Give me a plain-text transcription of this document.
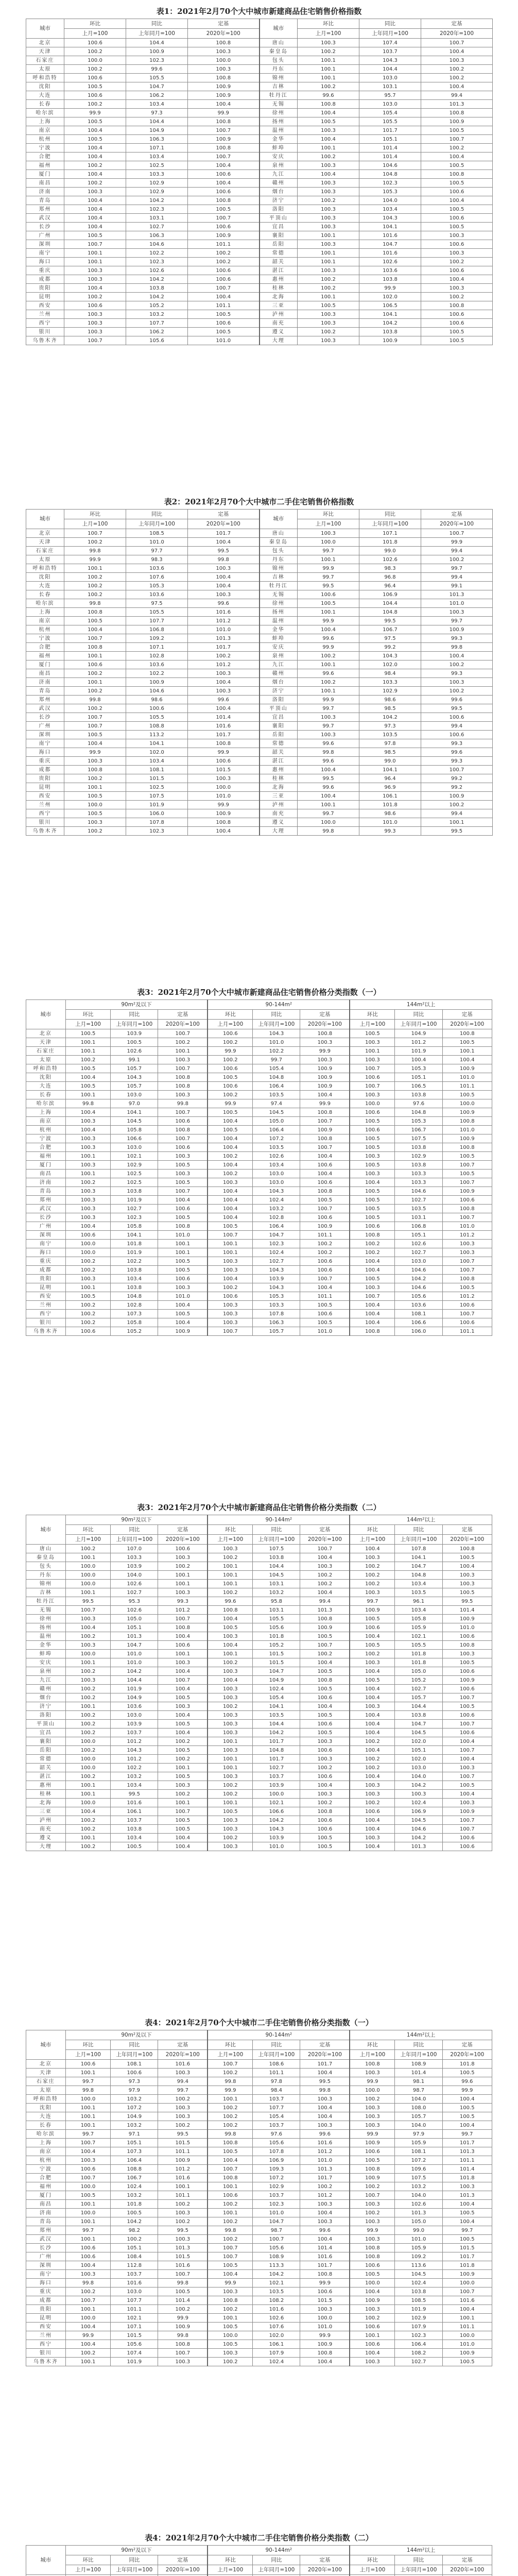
表1：2021年2月70个大中城市新建商品住宅销售价格指数
城市	环比	同比	定基	城市	环比	同比	定基
	上月=100	上年同月=100	2020年=100		上月=100	上年同月=100	2020年=100
北京	100.6	104.4	100.8	唐山	100.3	107.4	100.7
天津	100.2	100.9	100.3	秦皇岛	100.2	103.7	100.4
石家庄	100.0	102.3	100.0	包头	100.1	104.3	100.3
太原	100.2	99.6	100.3	丹东	100.1	104.4	100.2
呼和浩特	100.6	105.5	100.8	锦州	100.1	103.0	100.2
沈阳	100.5	104.7	100.9	吉林	100.2	103.1	100.4
大连	100.6	106.2	100.9	牡丹江	99.6	95.7	99.4
长春	100.2	103.4	100.4	无锡	100.8	103.0	101.3
哈尔滨	99.9	97.3	99.9	徐州	100.4	105.4	100.8
上海	100.5	104.4	100.8	扬州	100.5	105.5	100.9
南京	100.4	104.9	100.7	温州	100.3	101.7	100.5
杭州	100.5	106.3	100.9	金华	100.4	105.1	100.7
宁波	100.4	107.1	100.8	蚌埠	100.1	101.4	100.2
合肥	100.4	103.4	100.7	安庆	100.2	101.4	100.4
福州	100.2	102.5	100.4	泉州	100.3	104.6	100.5
厦门	100.4	103.3	100.6	九江	100.4	104.8	100.8
南昌	100.2	102.9	100.4	赣州	100.3	102.3	100.5
济南	100.3	102.9	100.6	烟台	100.3	105.3	100.6
青岛	100.4	104.2	100.8	济宁	100.2	104.0	100.4
郑州	100.4	102.3	100.5	洛阳	100.3	103.4	100.5
武汉	100.4	103.1	100.7	平顶山	100.3	104.3	100.6
长沙	100.4	102.7	100.6	宜昌	100.3	104.1	100.5
广州	100.5	106.3	100.9	襄阳	100.1	101.6	100.3
深圳	100.7	104.6	101.1	岳阳	100.3	104.7	100.6
南宁	100.1	102.2	100.2	常德	100.1	101.6	100.3
海口	100.1	102.3	100.2	韶关	100.1	102.6	100.2
重庆	100.3	102.6	100.6	湛江	100.3	103.6	100.6
成都	100.3	104.2	100.6	惠州	100.2	103.8	100.4
贵阳	100.4	103.8	100.7	桂林	100.2	99.9	100.3
昆明	100.2	104.2	100.4	北海	100.1	102.0	100.2
西安	100.6	105.2	101.1	三亚	100.5	106.5	100.8
兰州	100.3	103.2	100.5	泸州	100.3	104.1	100.6
西宁	100.3	107.7	100.6	南充	100.3	104.2	100.6
银川	100.3	106.2	100.5	遵义	100.2	103.8	100.5
乌鲁木齐	100.7	105.6	101.0	大理	100.3	100.9	100.5
表2：2021年2月70个大中城市二手住宅销售价格指数
城市	环比	同比	定基	城市	环比	同比	定基
	上月=100	上年同月=100	2020年=100		上月=100	上年同月=100	2020年=100
北京	100.7	108.5	101.7	唐山	100.3	107.1	100.7
天津	100.2	101.0	100.4	秦皇岛	100.0	101.8	99.9
石家庄	99.8	97.7	99.5	包头	99.7	99.0	99.4
太原	99.9	98.3	99.8	丹东	100.1	102.6	100.2
呼和浩特	100.1	103.6	100.3	锦州	99.9	98.3	99.7
沈阳	100.2	107.6	100.4	吉林	99.7	96.8	99.4
大连	100.2	105.3	100.4	牡丹江	99.5	96.4	99.1
长春	100.2	103.6	100.3	无锡	100.6	106.9	101.3
哈尔滨	99.8	97.5	99.6	徐州	100.5	104.4	101.0
上海	100.8	105.5	101.6	扬州	100.1	104.8	100.3
南京	100.5	107.7	101.2	温州	99.9	99.5	99.7
杭州	100.4	106.8	101.0	金华	100.4	106.7	100.9
宁波	100.7	109.2	101.3	蚌埠	99.6	97.5	99.3
合肥	100.8	107.1	101.7	安庆	99.9	99.2	99.8
福州	100.1	102.8	100.2	泉州	100.2	104.3	100.4
厦门	100.6	103.6	101.2	九江	100.1	102.0	100.2
南昌	100.2	102.2	100.3	赣州	99.6	98.4	99.3
济南	100.1	100.9	100.4	烟台	100.2	103.3	100.3
青岛	100.2	104.6	100.3	济宁	100.1	102.9	100.2
郑州	99.8	98.6	99.6	洛阳	99.9	98.6	99.6
武汉	100.2	100.6	100.4	平顶山	99.7	98.5	99.5
长沙	100.7	105.5	101.4	宜昌	100.3	104.2	100.6
广州	100.7	108.8	101.6	襄阳	99.7	97.3	99.4
深圳	100.5	113.2	101.7	岳阳	100.3	103.5	100.6
南宁	100.4	104.1	100.8	常德	99.6	97.8	99.3
海口	99.9	102.0	99.9	韶关	99.8	98.5	99.6
重庆	100.3	103.4	100.6	湛江	99.6	99.0	99.3
成都	100.8	108.1	101.5	惠州	100.4	104.1	100.7
贵阳	100.2	101.5	100.3	桂林	99.5	96.4	99.2
昆明	100.1	102.5	100.0	北海	99.6	96.9	99.2
西安	100.5	107.5	101.0	三亚	100.4	106.1	100.9
兰州	100.0	101.9	99.9	泸州	100.1	101.8	100.2
西宁	100.5	106.0	100.9	南充	99.7	98.6	99.4
银川	100.3	107.8	100.8	遵义	100.0	101.0	100.1
乌鲁木齐	100.2	102.3	100.4	大理	99.8	99.3	99.5
表3：2021年2月70个大中城市新建商品住宅销售价格分类指数（一）
城市	90m²及以下			90-144m²			144m²以上		
	环比	同比	定基	环比	同比	定基	环比	同比	定基
	上月=100	上年同月=100	2020年=100	上月=100	上年同月=100	2020年=100	上月=100	上年同月=100	2020年=100
北京	100.5	103.9	100.7	100.6	104.3	100.8	100.5	104.9	100.8
天津	100.1	100.5	100.2	100.2	101.0	100.3	100.3	101.2	100.5
石家庄	100.1	102.6	100.1	99.9	102.2	99.9	100.1	101.9	100.1
太原	100.2	99.1	100.3	100.2	99.7	100.3	100.3	100.4	100.4
呼和浩特	100.5	105.7	100.7	100.6	105.4	100.9	100.7	105.3	100.9
沈阳	100.4	104.3	100.8	100.5	104.8	100.9	100.6	105.1	101.0
大连	100.5	105.7	100.8	100.6	106.4	100.9	100.7	106.5	101.1
长春	100.1	103.0	100.3	100.2	103.5	100.4	100.3	103.8	100.5
哈尔滨	99.8	97.0	99.8	99.9	97.4	99.9	100.0	97.6	100.0
上海	100.4	104.1	100.7	100.5	104.5	100.8	100.6	104.8	100.9
南京	100.3	104.5	100.6	100.4	105.0	100.7	100.5	105.3	100.8
杭州	100.4	105.8	100.8	100.5	106.4	100.9	100.6	106.7	101.0
宁波	100.3	106.6	100.7	100.4	107.2	100.8	100.5	107.5	100.9
合肥	100.3	103.0	100.6	100.4	103.5	100.7	100.5	103.8	100.8
福州	100.1	102.1	100.3	100.2	102.6	100.4	100.3	102.9	100.5
厦门	100.3	102.9	100.5	100.4	103.4	100.6	100.5	103.8	100.7
南昌	100.1	102.5	100.3	100.2	103.0	100.4	100.3	103.3	100.5
济南	100.2	102.5	100.5	100.3	103.0	100.6	100.4	103.3	100.7
青岛	100.3	103.8	100.7	100.4	104.3	100.8	100.5	104.6	100.9
郑州	100.3	101.9	100.4	100.4	102.4	100.5	100.5	102.7	100.6
武汉	100.3	102.7	100.6	100.4	103.2	100.7	100.5	103.5	100.8
长沙	100.3	102.3	100.5	100.4	102.8	100.6	100.5	103.1	100.7
广州	100.4	105.8	100.8	100.5	106.4	100.9	100.6	106.8	101.0
深圳	100.6	104.1	101.0	100.7	104.7	101.1	100.8	105.1	101.2
南宁	100.0	101.8	100.1	100.1	102.3	100.2	100.2	102.6	100.3
海口	100.0	101.9	100.1	100.1	102.4	100.2	100.2	102.7	100.3
重庆	100.2	102.2	100.5	100.3	102.7	100.6	100.4	103.0	100.7
成都	100.2	103.8	100.5	100.3	104.3	100.6	100.4	104.6	100.7
贵阳	100.3	103.4	100.6	100.4	103.9	100.7	100.5	104.2	100.8
昆明	100.1	103.8	100.3	100.2	104.3	100.4	100.3	104.6	100.5
西安	100.5	104.8	101.0	100.6	105.3	101.1	100.7	105.6	101.2
兰州	100.2	102.8	100.4	100.3	103.3	100.5	100.4	103.6	100.6
西宁	100.2	107.3	100.5	100.3	107.8	100.6	100.4	108.1	100.7
银川	100.2	105.8	100.4	100.3	106.3	100.5	100.4	106.6	100.6
乌鲁木齐	100.6	105.2	100.9	100.7	105.7	101.0	100.8	106.0	101.1
表3：2021年2月70个大中城市新建商品住宅销售价格分类指数（二）
城市	90m²及以下			90-144m²			144m²以上		
	环比	同比	定基	环比	同比	定基	环比	同比	定基
	上月=100	上年同月=100	2020年=100	上月=100	上年同月=100	2020年=100	上月=100	上年同月=100	2020年=100
唐山	100.2	107.0	100.6	100.3	107.5	100.7	100.4	107.8	100.8
秦皇岛	100.1	103.3	100.3	100.2	103.8	100.4	100.3	104.1	100.5
包头	100.0	103.9	100.2	100.1	104.4	100.3	100.2	104.7	100.4
丹东	100.0	104.0	100.1	100.1	104.5	100.2	100.2	104.8	100.3
锦州	100.0	102.6	100.1	100.1	103.1	100.2	100.2	103.4	100.3
吉林	100.1	102.7	100.3	100.2	103.2	100.4	100.3	103.5	100.5
牡丹江	99.5	95.3	99.3	99.6	95.8	99.4	99.7	96.1	99.5
无锡	100.7	102.6	101.2	100.8	103.1	101.3	100.9	103.4	101.4
徐州	100.3	105.0	100.7	100.4	105.5	100.8	100.5	105.8	100.9
扬州	100.4	105.1	100.8	100.5	105.6	100.9	100.6	105.9	101.0
温州	100.2	101.3	100.4	100.3	101.8	100.5	100.4	102.1	100.6
金华	100.3	104.7	100.6	100.4	105.2	100.7	100.5	105.5	100.8
蚌埠	100.0	101.0	100.1	100.1	101.5	100.2	100.2	101.8	100.3
安庆	100.1	101.0	100.3	100.2	101.5	100.4	100.3	101.8	100.5
泉州	100.2	104.2	100.4	100.3	104.7	100.5	100.4	105.0	100.6
九江	100.3	104.4	100.7	100.4	104.9	100.8	100.5	105.2	100.9
赣州	100.2	101.9	100.4	100.3	102.4	100.5	100.4	102.7	100.6
烟台	100.2	104.9	100.5	100.3	105.4	100.6	100.4	105.7	100.7
济宁	100.1	103.6	100.3	100.2	104.1	100.4	100.3	104.4	100.5
洛阳	100.2	103.0	100.4	100.3	103.5	100.5	100.4	103.8	100.6
平顶山	100.2	103.9	100.5	100.3	104.4	100.6	100.4	104.7	100.7
宜昌	100.2	103.7	100.4	100.3	104.2	100.5	100.4	104.5	100.6
襄阳	100.0	101.2	100.2	100.1	101.7	100.3	100.2	102.0	100.4
岳阳	100.2	104.3	100.5	100.3	104.8	100.6	100.4	105.1	100.7
常德	100.0	101.2	100.2	100.1	101.7	100.3	100.2	102.0	100.4
韶关	100.0	102.2	100.1	100.1	102.7	100.2	100.2	103.0	100.3
湛江	100.2	103.2	100.5	100.3	103.7	100.6	100.4	104.0	100.7
惠州	100.1	103.4	100.3	100.2	103.9	100.4	100.3	104.2	100.5
桂林	100.1	99.5	100.2	100.2	100.0	100.3	100.3	100.3	100.4
北海	100.0	101.6	100.1	100.1	102.1	100.2	100.2	102.4	100.3
三亚	100.4	106.1	100.7	100.5	106.6	100.8	100.6	106.9	100.9
泸州	100.2	103.7	100.5	100.3	104.2	100.6	100.4	104.5	100.7
南充	100.2	103.8	100.5	100.3	104.3	100.6	100.4	104.6	100.7
遵义	100.1	103.4	100.4	100.2	103.9	100.5	100.3	104.2	100.6
大理	100.2	100.5	100.4	100.3	101.0	100.5	100.4	101.3	100.6
表4：2021年2月70个大中城市二手住宅销售价格分类指数（一）
城市	90m²及以下			90-144m²			144m²以上		
	环比	同比	定基	环比	同比	定基	环比	同比	定基
	上月=100	上年同月=100	2020年=100	上月=100	上年同月=100	2020年=100	上月=100	上年同月=100	2020年=100
北京	100.6	108.1	101.6	100.7	108.6	101.7	100.8	108.9	101.8
天津	100.1	100.6	100.3	100.2	101.1	100.4	100.3	101.4	100.5
石家庄	99.7	97.3	99.4	99.8	97.8	99.5	99.9	98.1	99.6
太原	99.8	97.9	99.7	99.9	98.4	99.8	100.0	98.7	99.9
呼和浩特	100.0	103.2	100.2	100.1	103.7	100.3	100.2	104.0	100.4
沈阳	100.1	107.2	100.3	100.2	107.7	100.4	100.3	108.0	100.5
大连	100.1	104.9	100.3	100.2	105.4	100.4	100.3	105.7	100.5
长春	100.1	103.2	100.2	100.2	103.7	100.3	100.3	104.0	100.4
哈尔滨	99.7	97.1	99.5	99.8	97.6	99.6	99.9	97.9	99.7
上海	100.7	105.1	101.5	100.8	105.6	101.6	100.9	105.9	101.7
南京	100.4	107.3	101.1	100.5	107.8	101.2	100.6	108.1	101.3
杭州	100.3	106.4	100.9	100.4	106.9	101.0	100.5	107.2	101.1
宁波	100.6	108.8	101.2	100.7	109.3	101.3	100.8	109.6	101.4
合肥	100.7	106.7	101.6	100.8	107.2	101.7	100.9	107.5	101.8
福州	100.0	102.4	100.1	100.1	102.9	100.2	100.2	103.2	100.3
厦门	100.5	103.2	101.1	100.6	103.7	101.2	100.7	104.0	101.3
南昌	100.1	101.8	100.2	100.2	102.3	100.3	100.3	102.6	100.4
济南	100.0	100.5	100.3	100.1	101.0	100.4	100.2	101.3	100.5
青岛	100.1	104.2	100.2	100.2	104.7	100.3	100.3	105.0	100.4
郑州	99.7	98.2	99.5	99.8	98.7	99.6	99.9	99.0	99.7
武汉	100.1	100.2	100.3	100.2	100.7	100.4	100.3	101.0	100.5
长沙	100.6	105.1	101.3	100.7	105.6	101.4	100.8	105.9	101.5
广州	100.6	108.4	101.5	100.7	108.9	101.6	100.8	109.2	101.7
深圳	100.4	112.8	101.6	100.5	113.3	101.7	100.6	113.6	101.8
南宁	100.3	103.7	100.7	100.4	104.2	100.8	100.5	104.5	100.9
海口	99.8	101.6	99.8	99.9	102.1	99.9	100.0	102.4	100.0
重庆	100.2	103.0	100.5	100.3	103.5	100.6	100.4	103.8	100.7
成都	100.7	107.7	101.4	100.8	108.2	101.5	100.9	108.5	101.6
贵阳	100.1	101.1	100.2	100.2	101.6	100.3	100.3	101.9	100.4
昆明	100.0	102.1	99.9	100.1	102.6	100.0	100.2	102.9	100.1
西安	100.4	107.1	100.9	100.5	107.6	101.0	100.6	107.9	101.1
兰州	99.9	101.5	99.8	100.0	102.0	99.9	100.1	102.3	100.0
西宁	100.4	105.6	100.8	100.5	106.1	100.9	100.6	106.4	101.0
银川	100.2	107.4	100.7	100.3	107.9	100.8	100.4	108.2	100.9
乌鲁木齐	100.1	101.9	100.3	100.2	102.4	100.4	100.3	102.7	100.5
表4：2021年2月70个大中城市二手住宅销售价格分类指数（二）
城市	90m²及以下			90-144m²			144m²以上		
	环比	同比	定基	环比	同比	定基	环比	同比	定基
	上月=100	上年同月=100	2020年=100	上月=100	上年同月=100	2020年=100	上月=100	上年同月=100	2020年=100
